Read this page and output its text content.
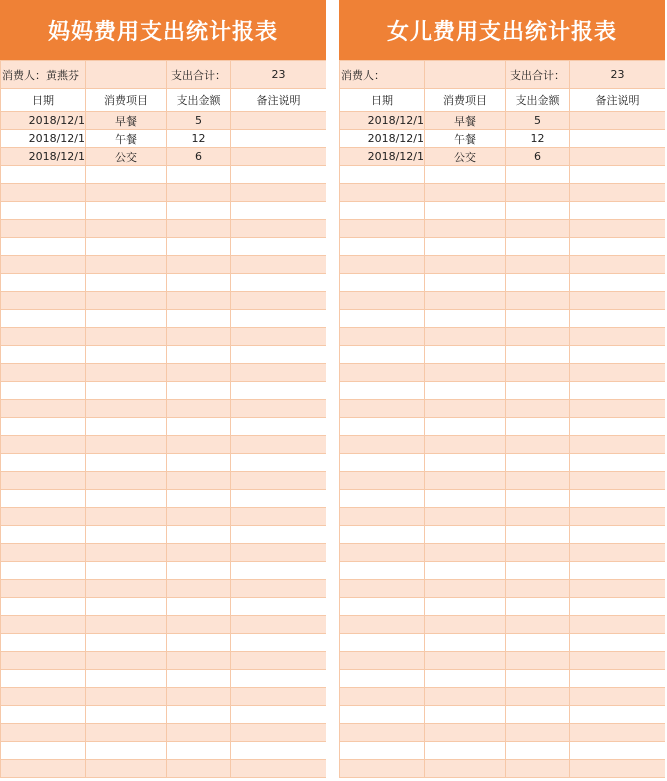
妈妈费用支出统计报表
消费人：黄燕芬		支出合计：	23
日期	消费项目	支出金额	备注说明
2018/12/1	早餐	5	
2018/12/1	午餐	12	
2018/12/1	公交	6	

女儿费用支出统计报表
消费人：		支出合计：	23
日期	消费项目	支出金额	备注说明
2018/12/1	早餐	5	
2018/12/1	午餐	12	
2018/12/1	公交	6	
